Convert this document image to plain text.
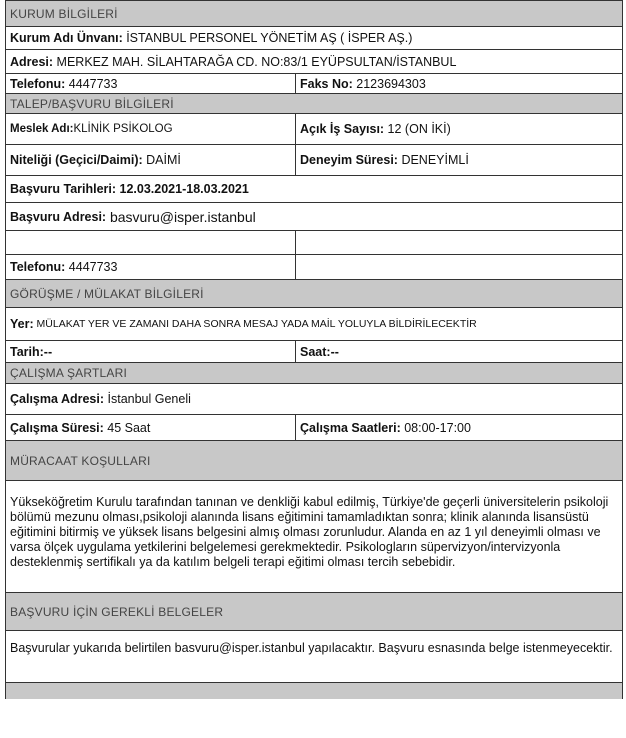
KURUM BİLGİLERİ
Kurum Adı Ünvanı: İSTANBUL PERSONEL YÖNETİM AŞ ( İSPER AŞ.)
Adresi: MERKEZ MAH. SİLAHTARAĞA CD. NO:83/1 EYÜPSULTAN/İSTANBUL
Telefonu: 4447733	Faks No: 2123694303
TALEP/BAŞVURU BİLGİLERİ
Meslek Adı: KLİNİK PSİKOLOG	Açık İş Sayısı: 12 (ON İKİ)
Niteliği (Geçici/Daimi): DAİMİ	Deneyim Süresi: DENEYİMLİ
Başvuru Tarihleri: 12.03.2021-18.03.2021
Başvuru Adresi: basvuru@isper.istanbul
Telefonu: 4447733
GÖRÜŞME / MÜLAKAT BİLGİLERİ
Yer: MÜLAKAT YER VE ZAMANI DAHA SONRA MESAJ YADA MAİL YOLUYLA BİLDİRİLECEKTİR
Tarih:--	Saat:--
ÇALIŞMA ŞARTLARI
Çalışma Adresi: İstanbul Geneli
Çalışma Süresi: 45 Saat	Çalışma Saatleri: 08:00-17:00
MÜRACAAT KOŞULLARI
Yükseköğretim Kurulu tarafından tanınan ve denkliği kabul edilmiş, Türkiye'de geçerli üniversitelerin psikoloji bölümü mezunu olması,psikoloji alanında lisans eğitimini tamamladıktan sonra; klinik alanında lisansüstü eğitimini bitirmiş ve yüksek lisans belgesini almış olması zorunludur. Alanda en az 1 yıl deneyimli olması ve varsa ölçek uygulama yetkilerini belgelemesi gerekmektedir. Psikologların süpervizyon/intervizyonla desteklenmiş sertifikalı ya da katılım belgeli terapi eğitimi olması tercih sebebidir.
BAŞVURU İÇİN GEREKLİ BELGELER
Başvurular yukarıda belirtilen basvuru@isper.istanbul yapılacaktır. Başvuru esnasında belge istenmeyecektir.
